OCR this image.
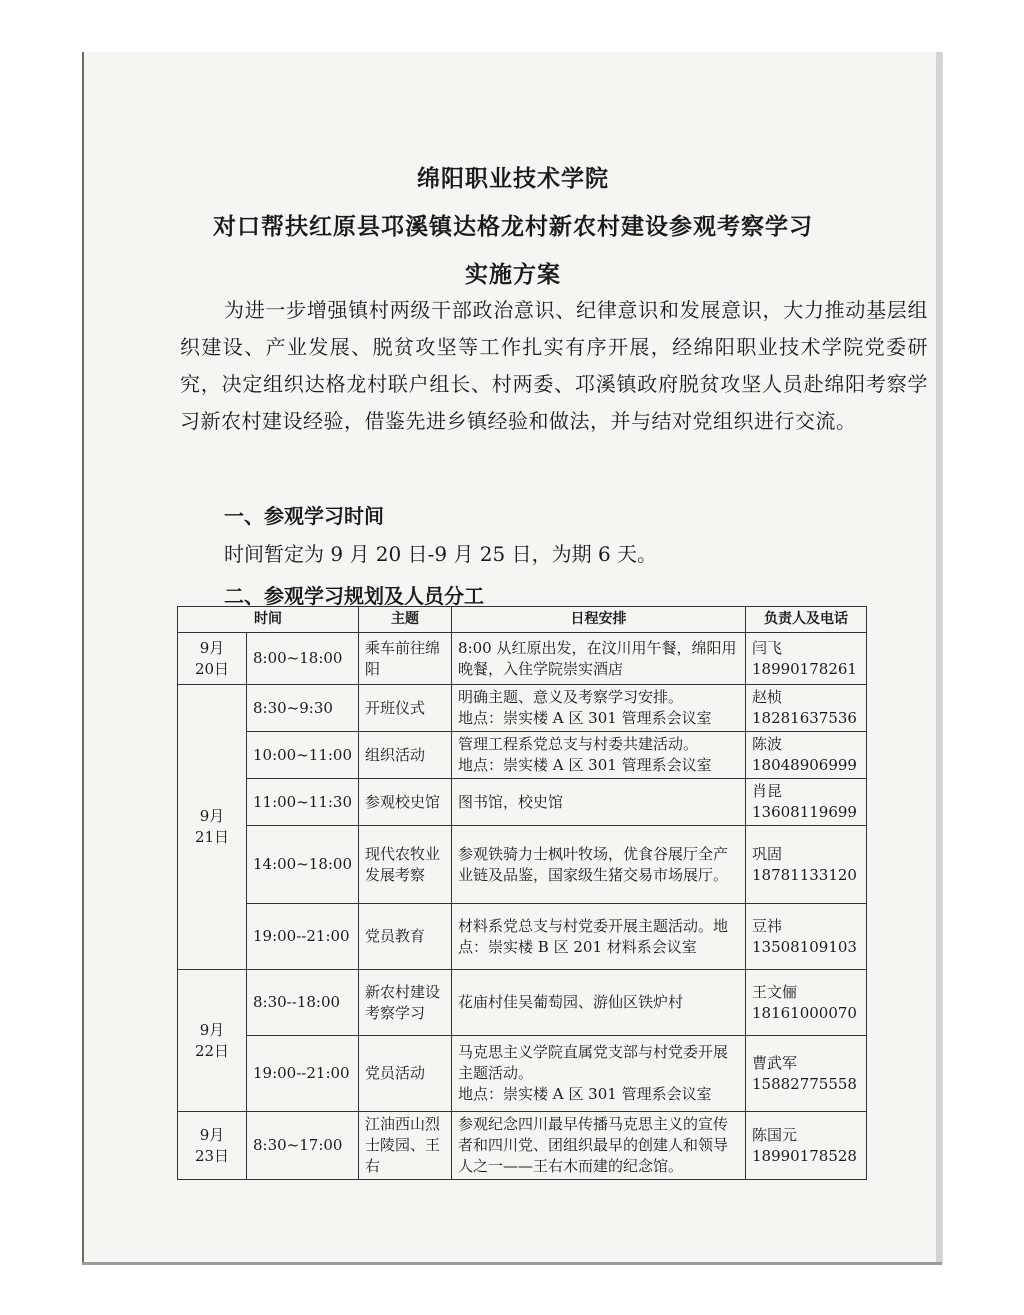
绵阳职业技术学院
对口帮扶红原县邛溪镇达格龙村新农村建设参观考察学习
实施方案
为进一步增强镇村两级干部政治意识、纪律意识和发展意识，大力推动基层组织建设、产业发展、脱贫攻坚等工作扎实有序开展，经绵阳职业技术学院党委研究，决定组织达格龙村联户组长、村两委、邛溪镇政府脱贫攻坚人员赴绵阳考察学习新农村建设经验，借鉴先进乡镇经验和做法，并与结对党组织进行交流。
一、参观学习时间
时间暂定为 9 月 20 日-9 月 25 日，为期 6 天。
二、参观学习规划及人员分工
时间		主题	日程安排	负责人及电话
9月
20日	8:00~18:00	乘车前往绵阳	8:00 从红原出发，在汶川用午餐，绵阳用晚餐，入住学院崇实酒店	闫飞
18990178261
9月
21日	8:30~9:30	开班仪式	明确主题、意义及考察学习安排。
地点：崇实楼 A 区 301 管理系会议室	赵桢
18281637536
	10:00~11:00	组织活动	管理工程系党总支与村委共建活动。
地点：崇实楼 A 区 301 管理系会议室	陈波
18048906999
	11:00~11:30	参观校史馆	图书馆，校史馆	肖昆
13608119699
	14:00~18:00	现代农牧业发展考察	参观铁骑力士枫叶牧场，优食谷展厅全产业链及品鉴，国家级生猪交易市场展厅。	巩固
18781133120
	19:00--21:00	党员教育	材料系党总支与村党委开展主题活动。地点：崇实楼 B 区 201 材料系会议室	豆祎
13508109103
9月
22日	8:30--18:00	新农村建设考察学习	花庙村佳吴葡萄园、游仙区铁炉村	王文俪
18161000070
	19:00--21:00	党员活动	马克思主义学院直属党支部与村党委开展主题活动。
地点：崇实楼 A 区 301 管理系会议室	曹武军
15882775558
9月
23日	8:30~17:00	江油西山烈士陵园、王右	参观纪念四川最早传播马克思主义的宣传者和四川党、团组织最早的创建人和领导人之一——王右木而建的纪念馆。	陈国元
18990178528
